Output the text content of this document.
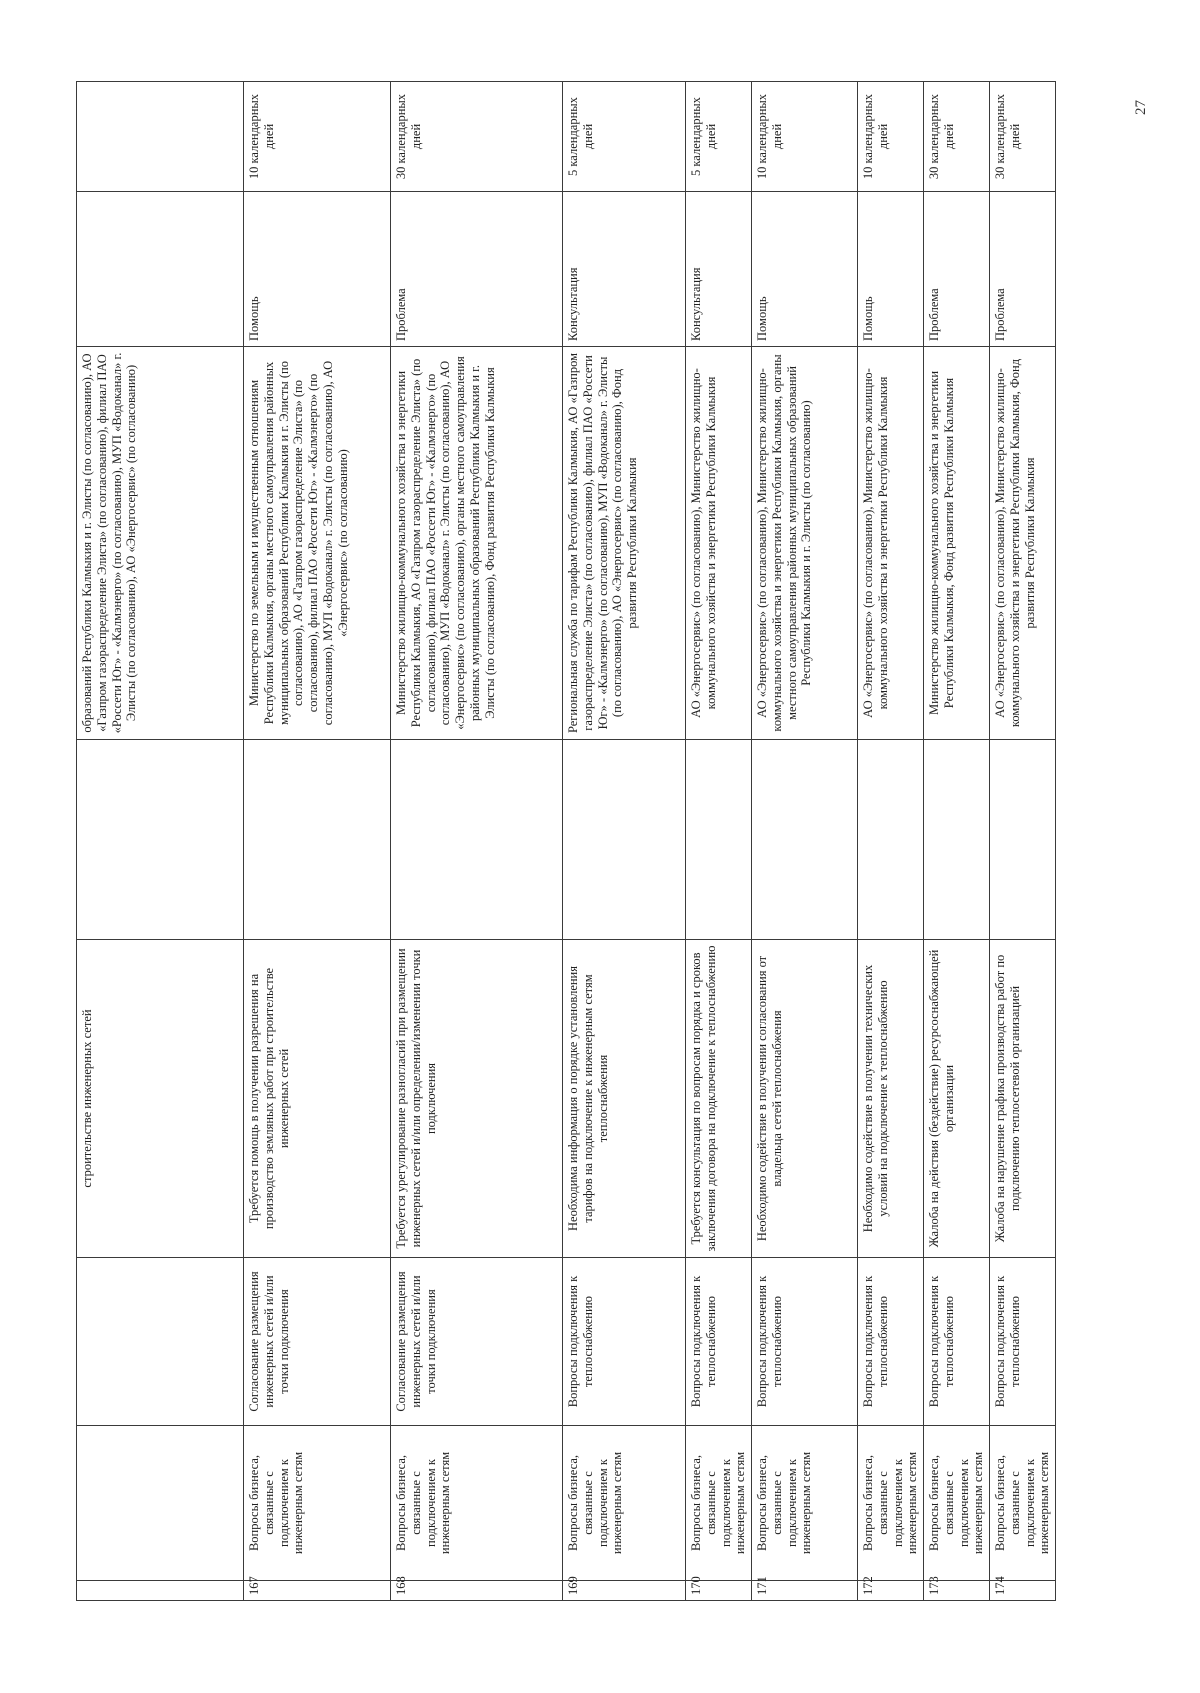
			строительстве инженерных сетей		образований Республики Калмыкия и г. Элисты (по согласованию), АО «Газпром газораспределение Элиста» (по согласованию), филиал ПАО «Россети Юг» - «Калмэнерго» (по согласованию), МУП «Водоканал» г. Элисты (по согласованию), АО «Энергосервис» (по согласованию)		
167	Вопросы бизнеса, связанные с подключением к инженерным сетям	Согласование размещения инженерных сетей и/или точки подключения	Требуется помощь в получении разрешения на производство земляных работ при строительстве инженерных сетей		Министерство по земельным и имущественным отношениям Республики Калмыкия, органы местного самоуправления районных муниципальных образований Республики Калмыкия и г. Элисты (по согласованию), АО «Газпром газораспределение Элиста» (по согласованию), филиал ПАО «Россети Юг» - «Калмэнерго» (по согласованию), МУП «Водоканал» г. Элисты (по согласованию), АО «Энергосервис» (по согласованию)	Помощь	10 календарных дней
168	Вопросы бизнеса, связанные с подключением к инженерным сетям	Согласование размещения инженерных сетей и/или точки подключения	Требуется урегулирование разногласий при размещении инженерных сетей и/или определении/изменении точки подключения		Министерство жилищно-коммунального хозяйства и энергетики Республики Калмыкия, АО «Газпром газораспределение Элиста» (по согласованию), филиал ПАО «Россети Юг» - «Калмэнерго» (по согласованию), МУП «Водоканал» г. Элисты (по согласованию), АО «Энергосервис» (по согласованию), органы местного самоуправления районных муниципальных образований Республики Калмыкия и г. Элисты (по согласованию), Фонд развития Республики Калмыкия	Проблема	30 календарных дней
169	Вопросы бизнеса, связанные с подключением к инженерным сетям	Вопросы подключения к теплоснабжению	Необходима информация о порядке установления тарифов на подключение к инженерным сетям теплоснабжения		Региональная служба по тарифам Республики Калмыкия, АО «Газпром газораспределение Элиста» (по согласованию), филиал ПАО «Россети Юг» - «Калмэнерго» (по согласованию), МУП «Водоканал» г. Элисты (по согласованию), АО «Энергосервис» (по согласованию), Фонд развития Республики Калмыкия	Консультация	5 календарных дней
170	Вопросы бизнеса, связанные с подключением к инженерным сетям	Вопросы подключения к теплоснабжению	Требуется консультация по вопросам порядка и сроков заключения договора на подключение к теплоснабжению		АО «Энергосервис» (по согласованию), Министерство жилищно-коммунального хозяйства и энергетики Республики Калмыкия	Консультация	5 календарных дней
171	Вопросы бизнеса, связанные с подключением к инженерным сетям	Вопросы подключения к теплоснабжению	Необходимо содействие в получении согласования от владельца сетей теплоснабжения		АО «Энергосервис» (по согласованию), Министерство жилищно-коммунального хозяйства и энергетики Республики Калмыкия, органы местного самоуправления районных муниципальных образований Республики Калмыкия и г. Элисты (по согласованию)	Помощь	10 календарных дней
172	Вопросы бизнеса, связанные с подключением к инженерным сетям	Вопросы подключения к теплоснабжению	Необходимо содействие в получении технических условий на подключение к теплоснабжению		АО «Энергосервис» (по согласованию), Министерство жилищно-коммунального хозяйства и энергетики Республики Калмыкия	Помощь	10 календарных дней
173	Вопросы бизнеса, связанные с подключением к инженерным сетям	Вопросы подключения к теплоснабжению	Жалоба на действия (бездействие) ресурсоснабжающей организации		Министерство жилищно-коммунального хозяйства и энергетики Республики Калмыкия, Фонд развития Республики Калмыкия	Проблема	30 календарных дней
174	Вопросы бизнеса, связанные с подключением к инженерным сетям	Вопросы подключения к теплоснабжению	Жалоба на нарушение графика производства работ по подключению теплосетевой организацией		АО «Энергосервис» (по согласованию), Министерство жилищно-коммунального хозяйства и энергетики Республики Калмыкия, Фонд развития Республики Калмыкия	Проблема	30 календарных дней
27
